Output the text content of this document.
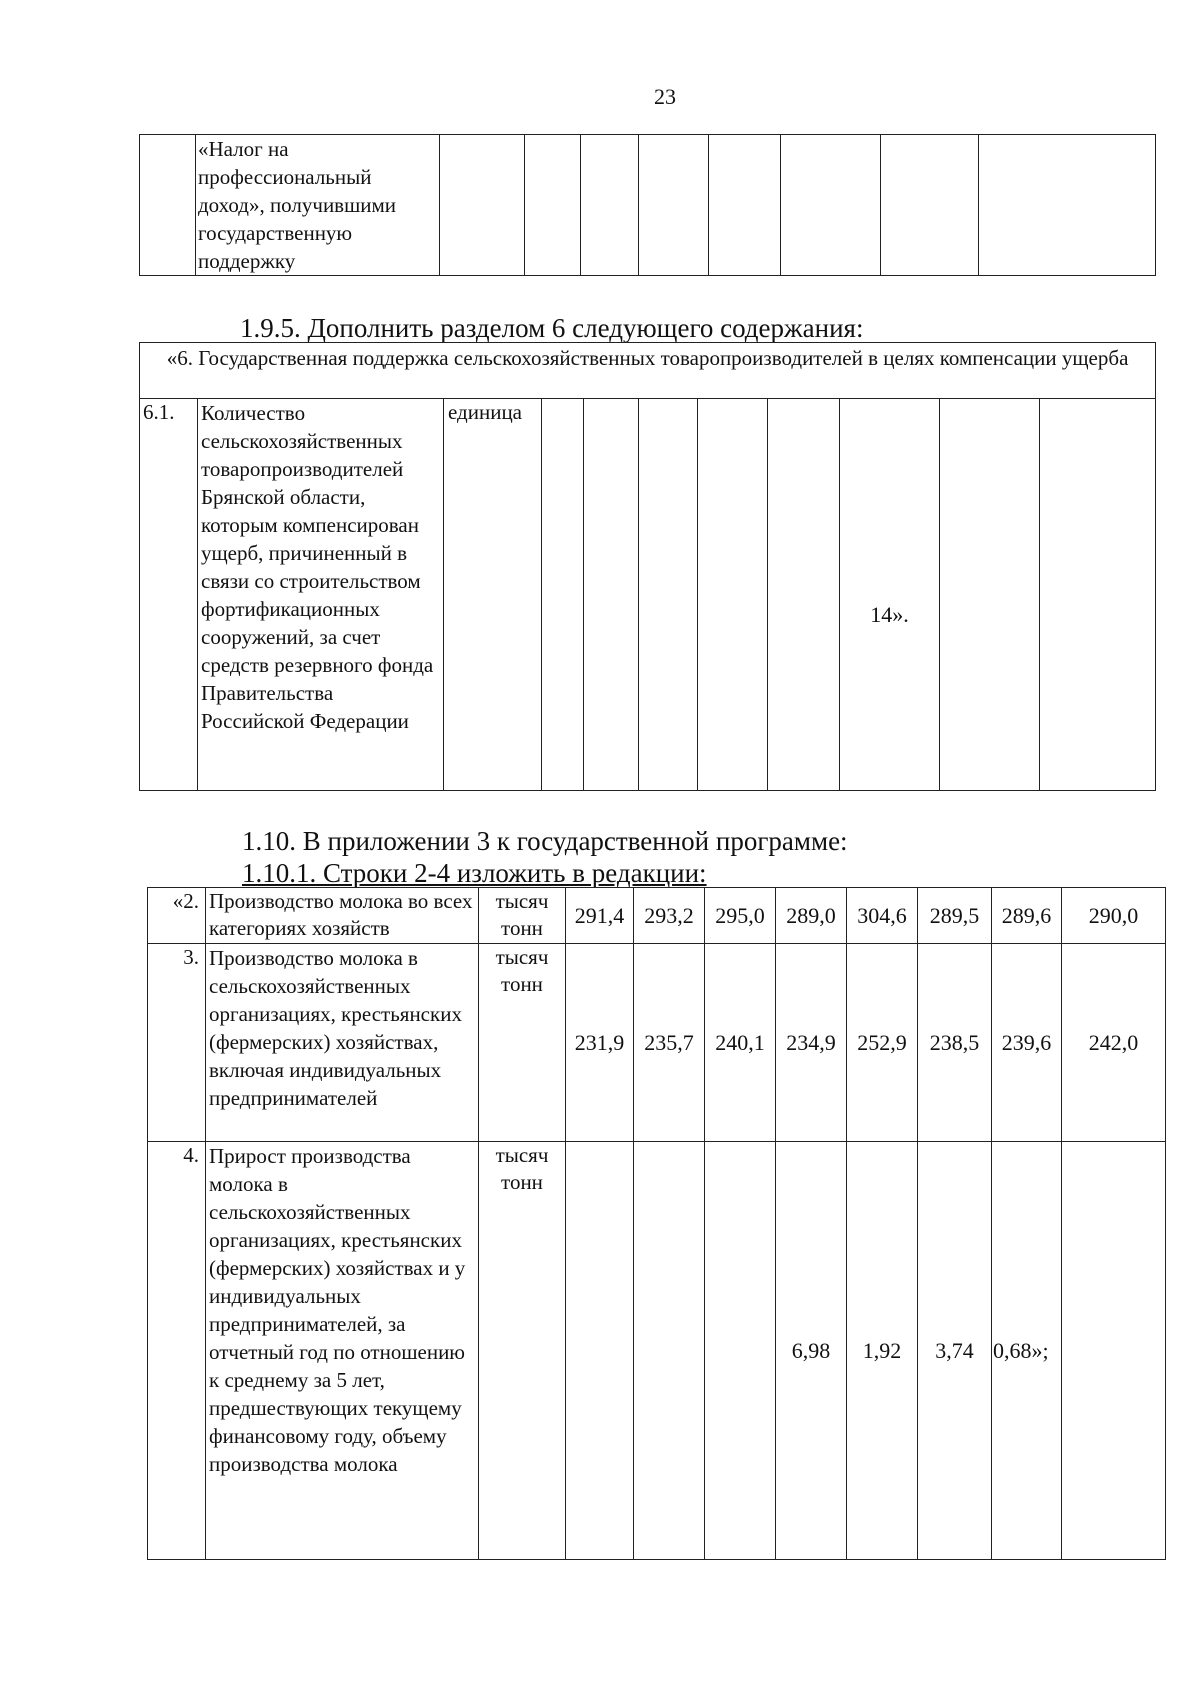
23
	«Налог на профессиональный доход», получившими государственную поддержку								
1.9.5. Дополнить разделом 6 следующего содержания:
«6. Государственная поддержка сельскохозяйственных товаропроизводителей в целях компенсации ущерба
6.1.	Количество сельскохозяйственных товаропроизводителей Брянской области, которым компенсирован ущерб, причиненный в связи со строительством фортификационных сооружений, за счет средств резервного фонда Правительства Российской Федерации	единица						14».		
1.10. В приложении 3 к государственной программе:
1.10.1. Строки 2-4 изложить в редакции:
«2.	Производство молока во всех категориях хозяйств	тысяч тонн	291,4	293,2	295,0	289,0	304,6	289,5	289,6	290,0
3.	Производство молока в сельскохозяйственных организациях, крестьянских (фермерских) хозяйствах, включая индивидуальных предпринимателей	тысяч тонн	231,9	235,7	240,1	234,9	252,9	238,5	239,6	242,0
4.	Прирост производства молока в сельскохозяйственных организациях, крестьянских (фермерских) хозяйствах и у индивидуальных предпринимателей, за отчетный год по отношению к среднему за 5 лет, предшествующих текущему финансовому году, объему производства молока	тысяч тонн				6,98	1,92	3,74	0,68»;	
